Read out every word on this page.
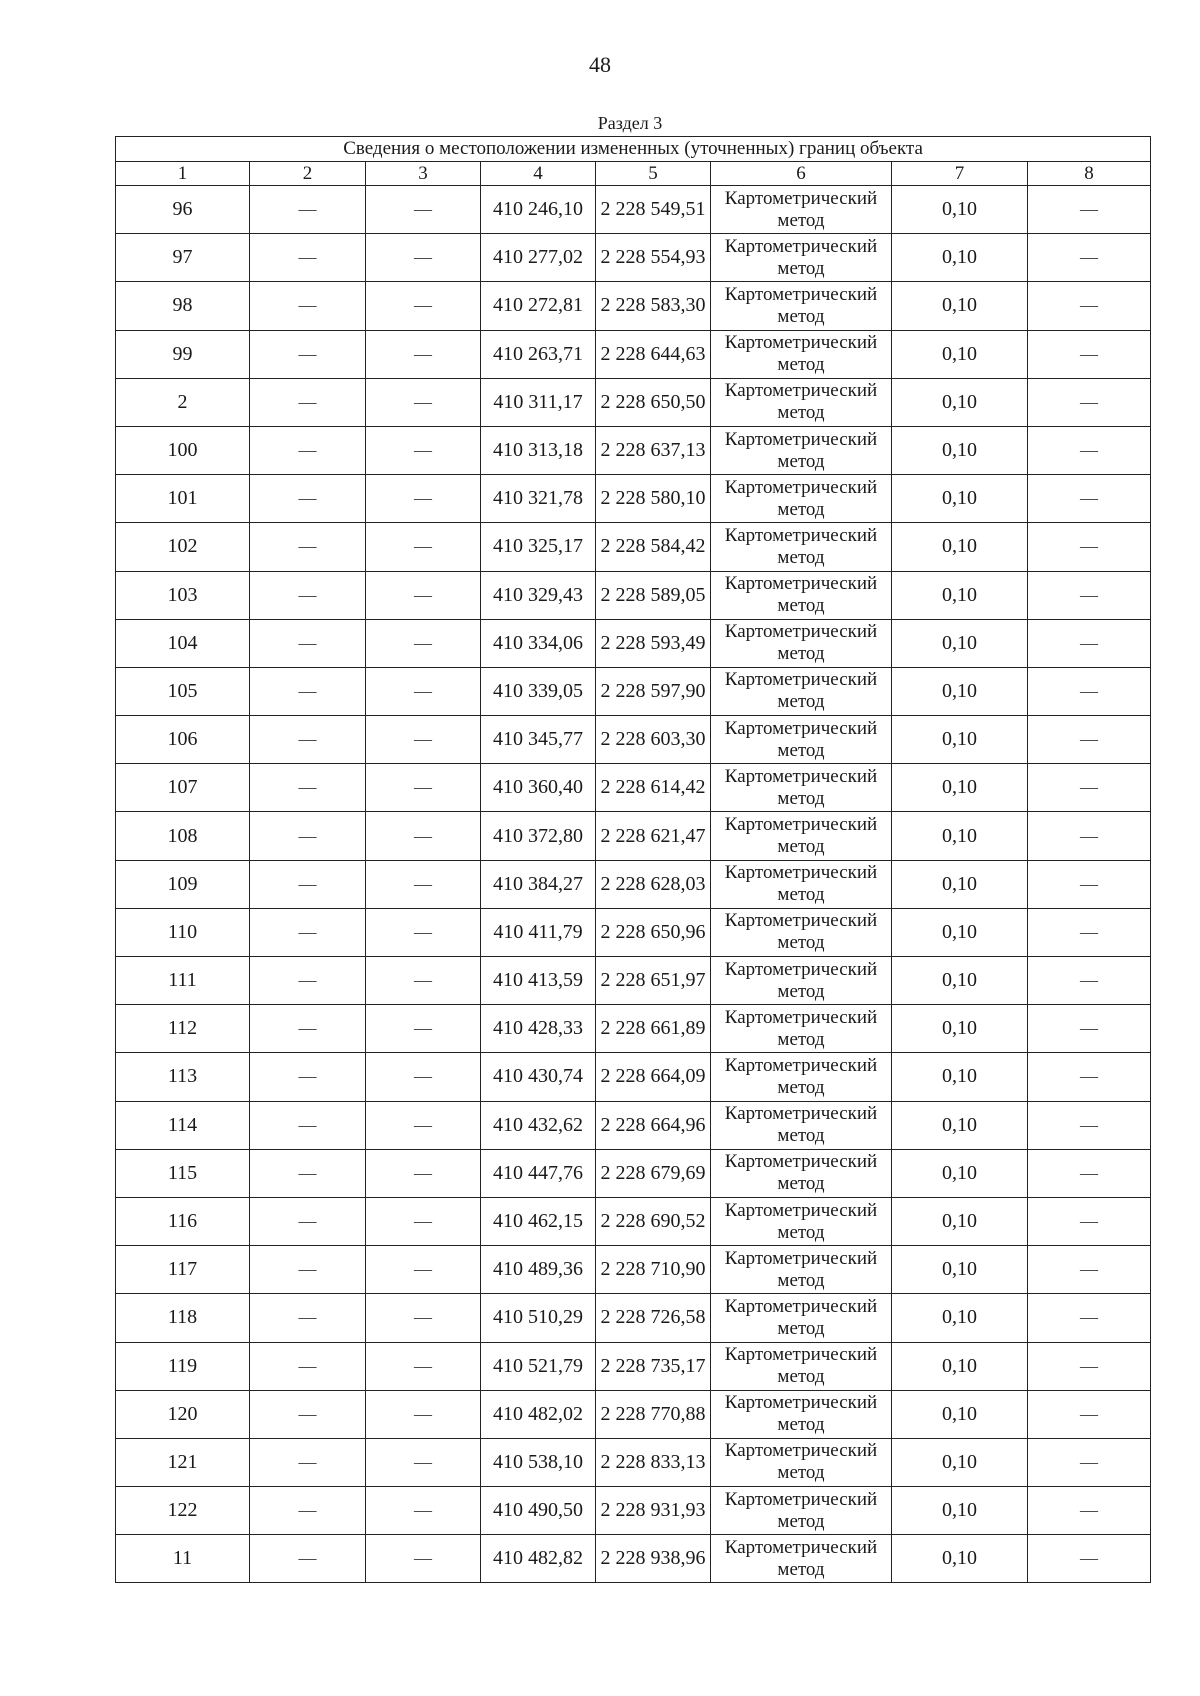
48
Раздел 3
Сведения о местоположении измененных (уточненных) границ объекта							
1	2	3	4	5	6	7	8
96	—	—	410 246,10	2 228 549,51	Картометрический
метод	0,10	—
97	—	—	410 277,02	2 228 554,93	Картометрический
метод	0,10	—
98	—	—	410 272,81	2 228 583,30	Картометрический
метод	0,10	—
99	—	—	410 263,71	2 228 644,63	Картометрический
метод	0,10	—
2	—	—	410 311,17	2 228 650,50	Картометрический
метод	0,10	—
100	—	—	410 313,18	2 228 637,13	Картометрический
метод	0,10	—
101	—	—	410 321,78	2 228 580,10	Картометрический
метод	0,10	—
102	—	—	410 325,17	2 228 584,42	Картометрический
метод	0,10	—
103	—	—	410 329,43	2 228 589,05	Картометрический
метод	0,10	—
104	—	—	410 334,06	2 228 593,49	Картометрический
метод	0,10	—
105	—	—	410 339,05	2 228 597,90	Картометрический
метод	0,10	—
106	—	—	410 345,77	2 228 603,30	Картометрический
метод	0,10	—
107	—	—	410 360,40	2 228 614,42	Картометрический
метод	0,10	—
108	—	—	410 372,80	2 228 621,47	Картометрический
метод	0,10	—
109	—	—	410 384,27	2 228 628,03	Картометрический
метод	0,10	—
110	—	—	410 411,79	2 228 650,96	Картометрический
метод	0,10	—
111	—	—	410 413,59	2 228 651,97	Картометрический
метод	0,10	—
112	—	—	410 428,33	2 228 661,89	Картометрический
метод	0,10	—
113	—	—	410 430,74	2 228 664,09	Картометрический
метод	0,10	—
114	—	—	410 432,62	2 228 664,96	Картометрический
метод	0,10	—
115	—	—	410 447,76	2 228 679,69	Картометрический
метод	0,10	—
116	—	—	410 462,15	2 228 690,52	Картометрический
метод	0,10	—
117	—	—	410 489,36	2 228 710,90	Картометрический
метод	0,10	—
118	—	—	410 510,29	2 228 726,58	Картометрический
метод	0,10	—
119	—	—	410 521,79	2 228 735,17	Картометрический
метод	0,10	—
120	—	—	410 482,02	2 228 770,88	Картометрический
метод	0,10	—
121	—	—	410 538,10	2 228 833,13	Картометрический
метод	0,10	—
122	—	—	410 490,50	2 228 931,93	Картометрический
метод	0,10	—
11	—	—	410 482,82	2 228 938,96	Картометрический
метод	0,10	—
